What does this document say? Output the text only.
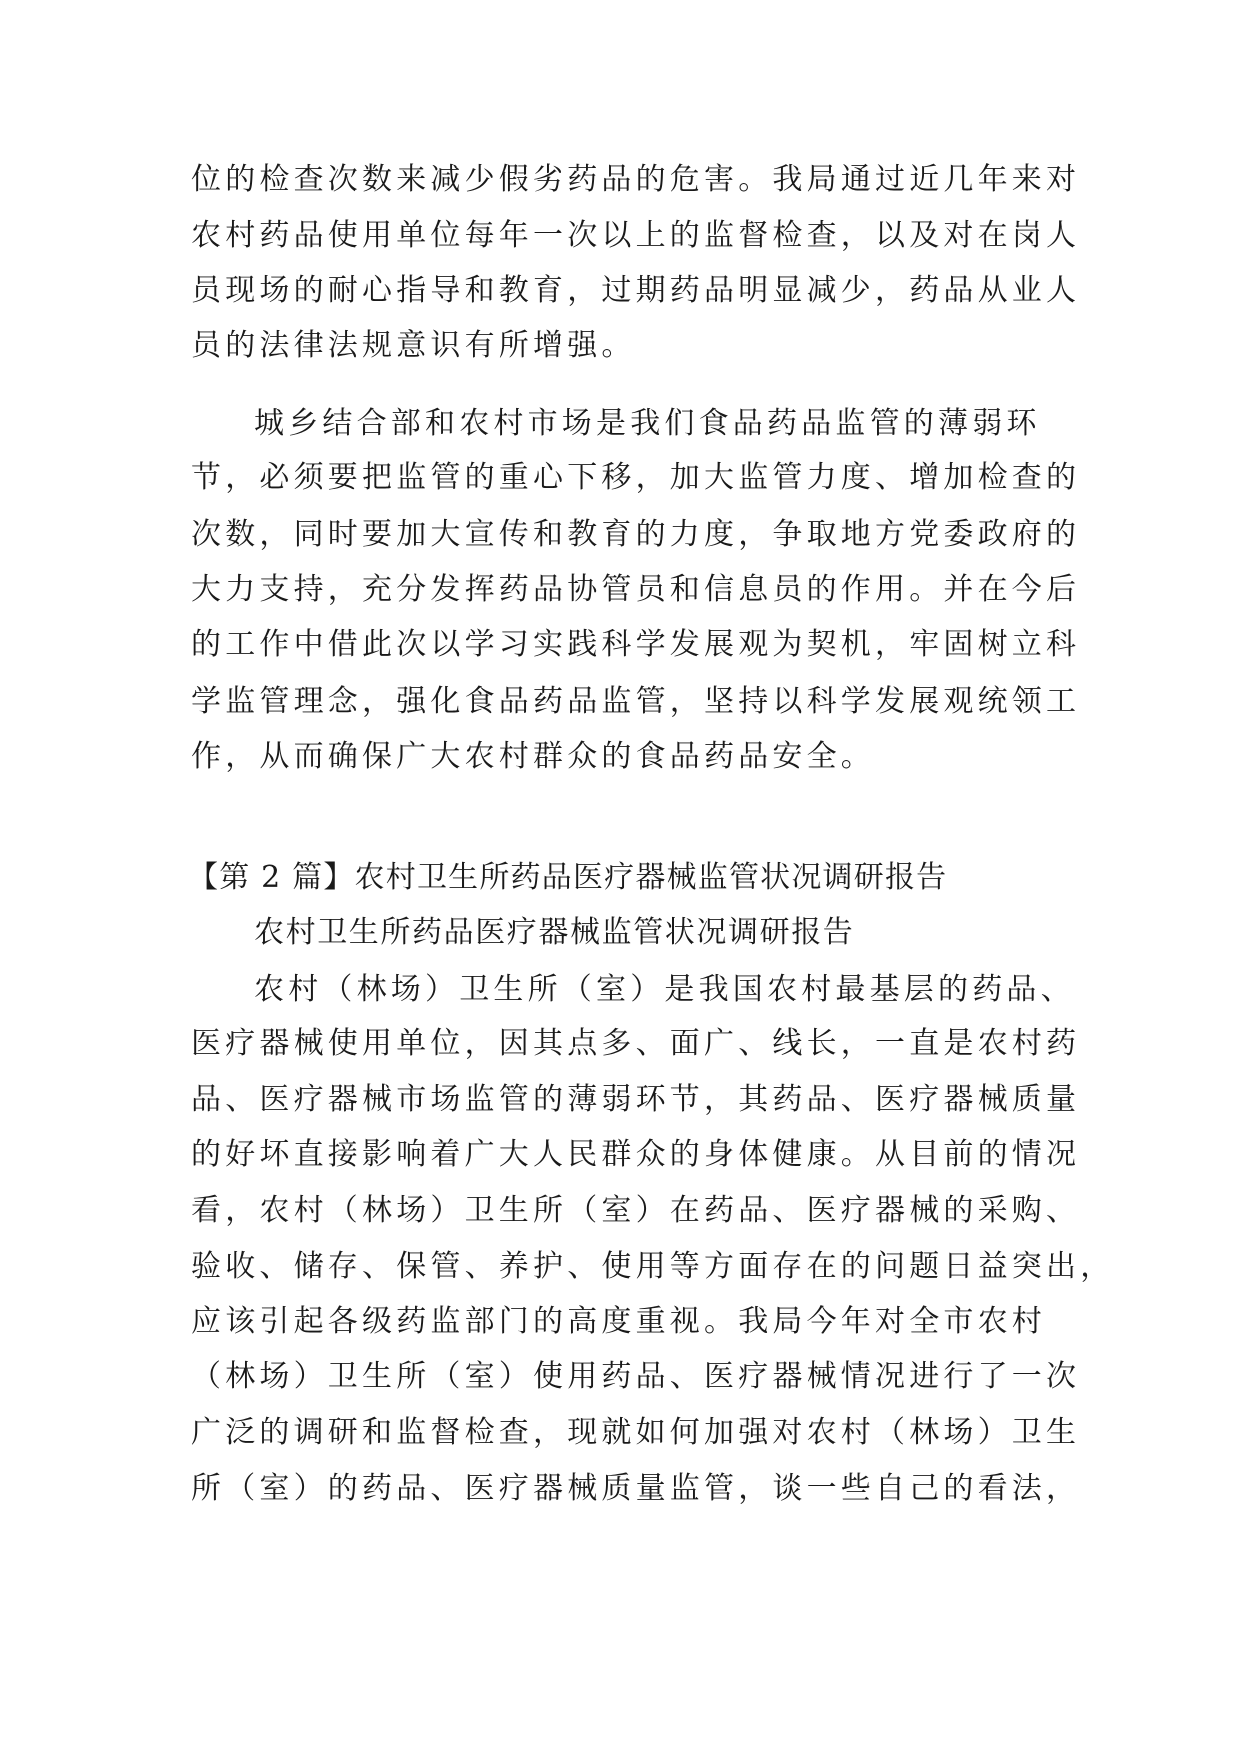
位的检查次数来减少假劣药品的危害。我局通过近几年来对
农村药品使用单位每年一次以上的监督检查，以及对在岗人
员现场的耐心指导和教育，过期药品明显减少，药品从业人
员的法律法规意识有所增强。
城乡结合部和农村市场是我们食品药品监管的薄弱环
节，必须要把监管的重心下移，加大监管力度、增加检查的
次数，同时要加大宣传和教育的力度，争取地方党委政府的
大力支持，充分发挥药品协管员和信息员的作用。并在今后
的工作中借此次以学习实践科学发展观为契机，牢固树立科
学监管理念，强化食品药品监管，坚持以科学发展观统领工
作，从而确保广大农村群众的食品药品安全。
【第 2 篇】农村卫生所药品医疗器械监管状况调研报告
农村卫生所药品医疗器械监管状况调研报告
农村（林场）卫生所（室）是我国农村最基层的药品、
医疗器械使用单位，因其点多、面广、线长，一直是农村药
品、医疗器械市场监管的薄弱环节，其药品、医疗器械质量
的好坏直接影响着广大人民群众的身体健康。从目前的情况
看，农村（林场）卫生所（室）在药品、医疗器械的采购、
验收、储存、保管、养护、使用等方面存在的问题日益突出，
应该引起各级药监部门的高度重视。我局今年对全市农村
（林场）卫生所（室）使用药品、医疗器械情况进行了一次
广泛的调研和监督检查，现就如何加强对农村（林场）卫生
所（室）的药品、医疗器械质量监管，谈一些自己的看法，
